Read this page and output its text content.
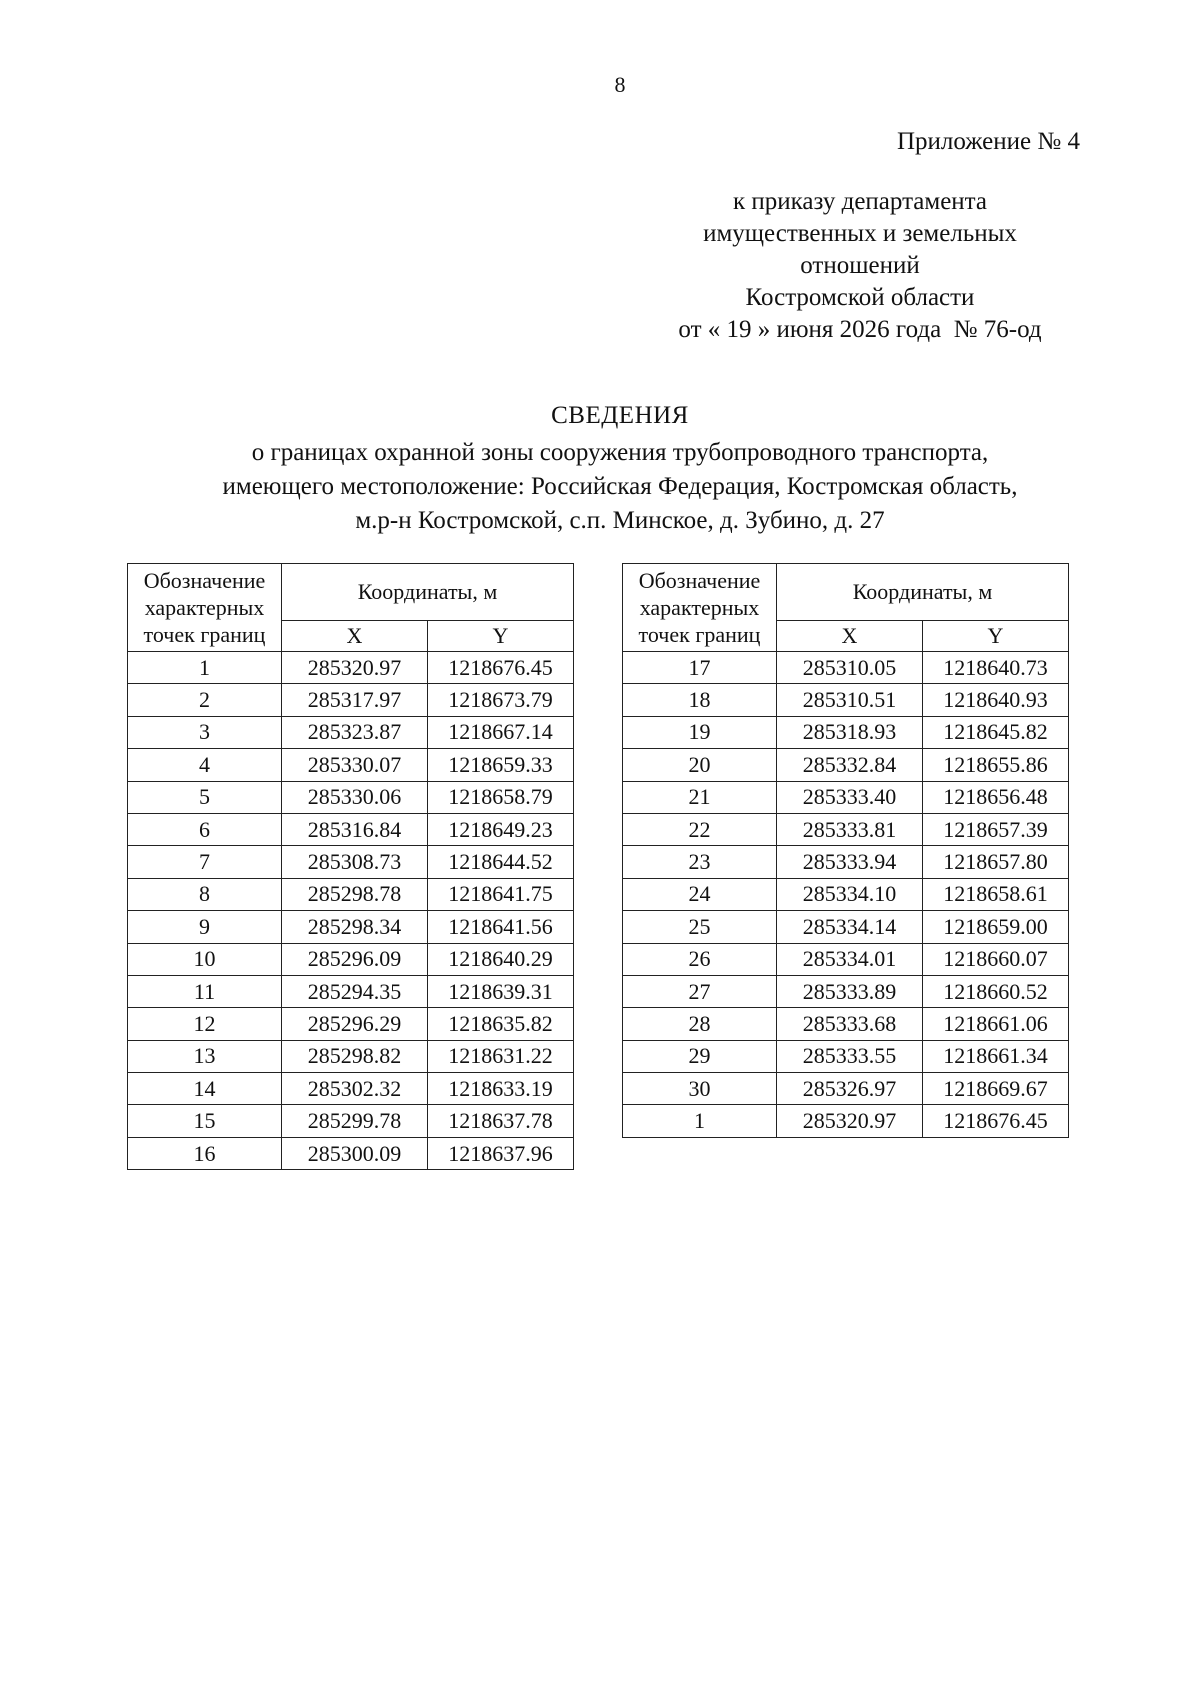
8
Приложение № 4
к приказу департамента
имущественных и земельных
отношений
Костромской области
от « 19 » июня 2026 года  № 76-од
СВЕДЕНИЯ
о границах охранной зоны сооружения трубопроводного транспорта,
имеющего местоположение: Российская Федерация, Костромская область,
м.р-н Костромской, с.п. Минское, д. Зубино, д. 27
Обозначение
характерных
точек границ	Координаты, м	
	X	Y
1	285320.97	1218676.45
2	285317.97	1218673.79
3	285323.87	1218667.14
4	285330.07	1218659.33
5	285330.06	1218658.79
6	285316.84	1218649.23
7	285308.73	1218644.52
8	285298.78	1218641.75
9	285298.34	1218641.56
10	285296.09	1218640.29
11	285294.35	1218639.31
12	285296.29	1218635.82
13	285298.82	1218631.22
14	285302.32	1218633.19
15	285299.78	1218637.78
16	285300.09	1218637.96
Обозначение
характерных
точек границ	Координаты, м	
	X	Y
17	285310.05	1218640.73
18	285310.51	1218640.93
19	285318.93	1218645.82
20	285332.84	1218655.86
21	285333.40	1218656.48
22	285333.81	1218657.39
23	285333.94	1218657.80
24	285334.10	1218658.61
25	285334.14	1218659.00
26	285334.01	1218660.07
27	285333.89	1218660.52
28	285333.68	1218661.06
29	285333.55	1218661.34
30	285326.97	1218669.67
1	285320.97	1218676.45
